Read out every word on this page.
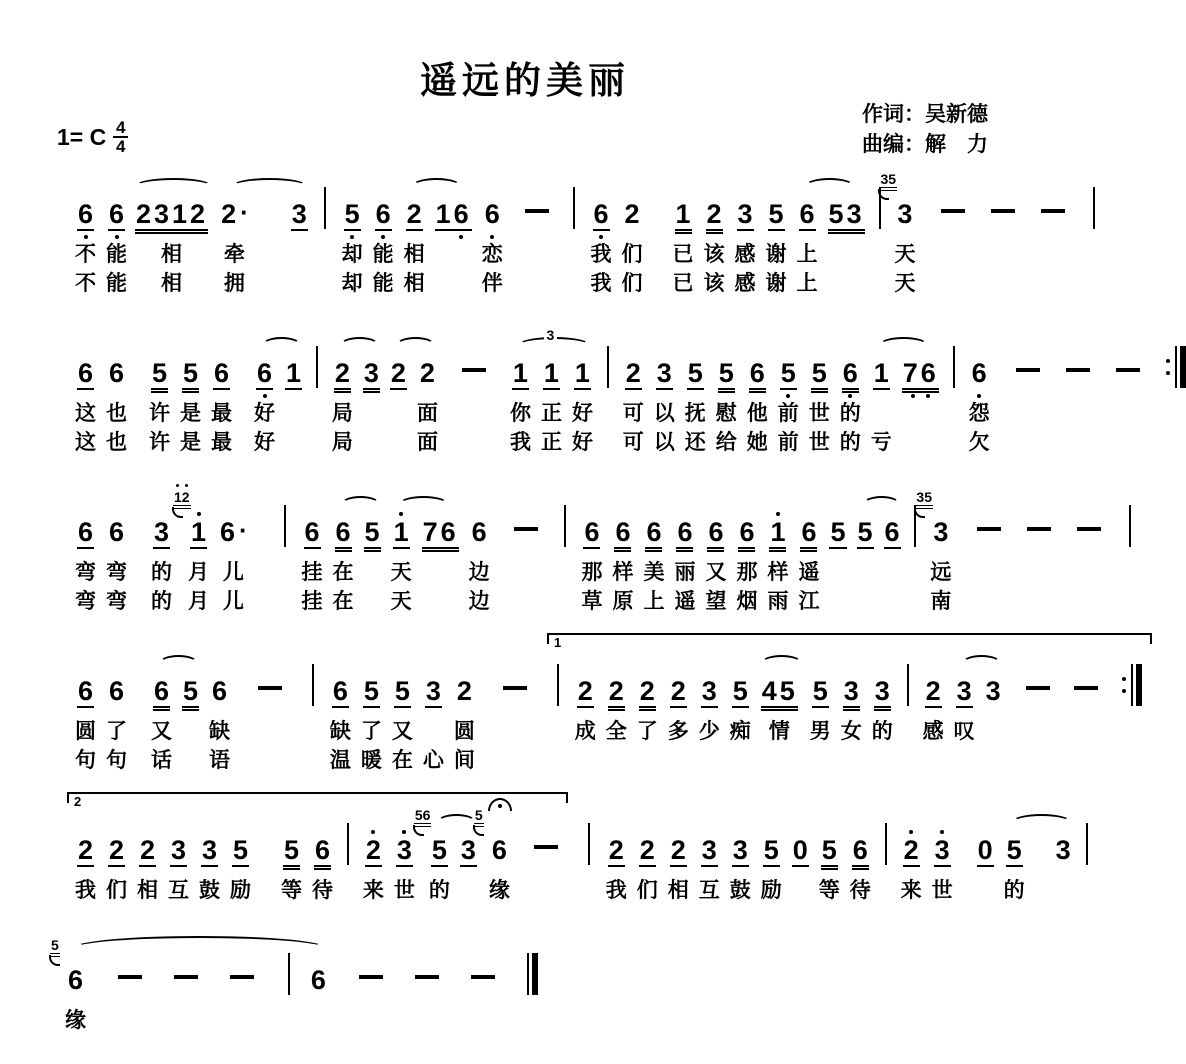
遥远的美丽
作词：吴新德
曲编：解　力
1= C $\frac{4}{4}$
6
不
不
6
能
能
2312
相
相
2 ·
牵
拥
3

5
却
却
6
能
能
2
相
相
16

6
恋
伴

6
我
我
2
们
们
1
已
已
2
该
该
3
感
感
5
谢
谢
6
上
上
53

3
35
天
天

6
这
这
6
也
也
5
许
许
5
是
是
6
最
最
6
好
好
1

2
局
局
3

2

2
面
面

1
你
我
1
正
正
1
好
好

2
可
可
3
以
以
5
抚
还
5
慰
给
6
他
她
5
前
前
5
世
世
6
的
的
1

亏
76

6
怨
欠

3
6
弯
弯
6
弯
弯
3
的
的
1
12
月
月
6 ·
儿
儿

6
挂
挂
6
在
在
5

1
天
天
76

6
边
边

6
那
草
6
样
原
6
美
上
6
丽
遥
6
又
望
6
那
烟
1
样
雨
6
遥
江
5

5

6

3
35
远
南

6
圆
句
6
了
句
6
又
话
5

6
缺
语

6
缺
温
5
了
暖
5
又
在
3

心
2
圆
间

2
成

2
全

2
了

2
多

3
少

5
痴

45
情

5
男

3
女

3
的

2
感

3
叹

3

1
2
我
2
们
2
相
3
互
3
鼓
5
励
5
等
6
待

2
来
3
世
5
56
的
3
6
5
缘

2
我
2
们
2
相
3
互
3
鼓
5
励
0
5
等
6
待

2
来
3
世
0
5
的
3

2
6
5
缘

6
